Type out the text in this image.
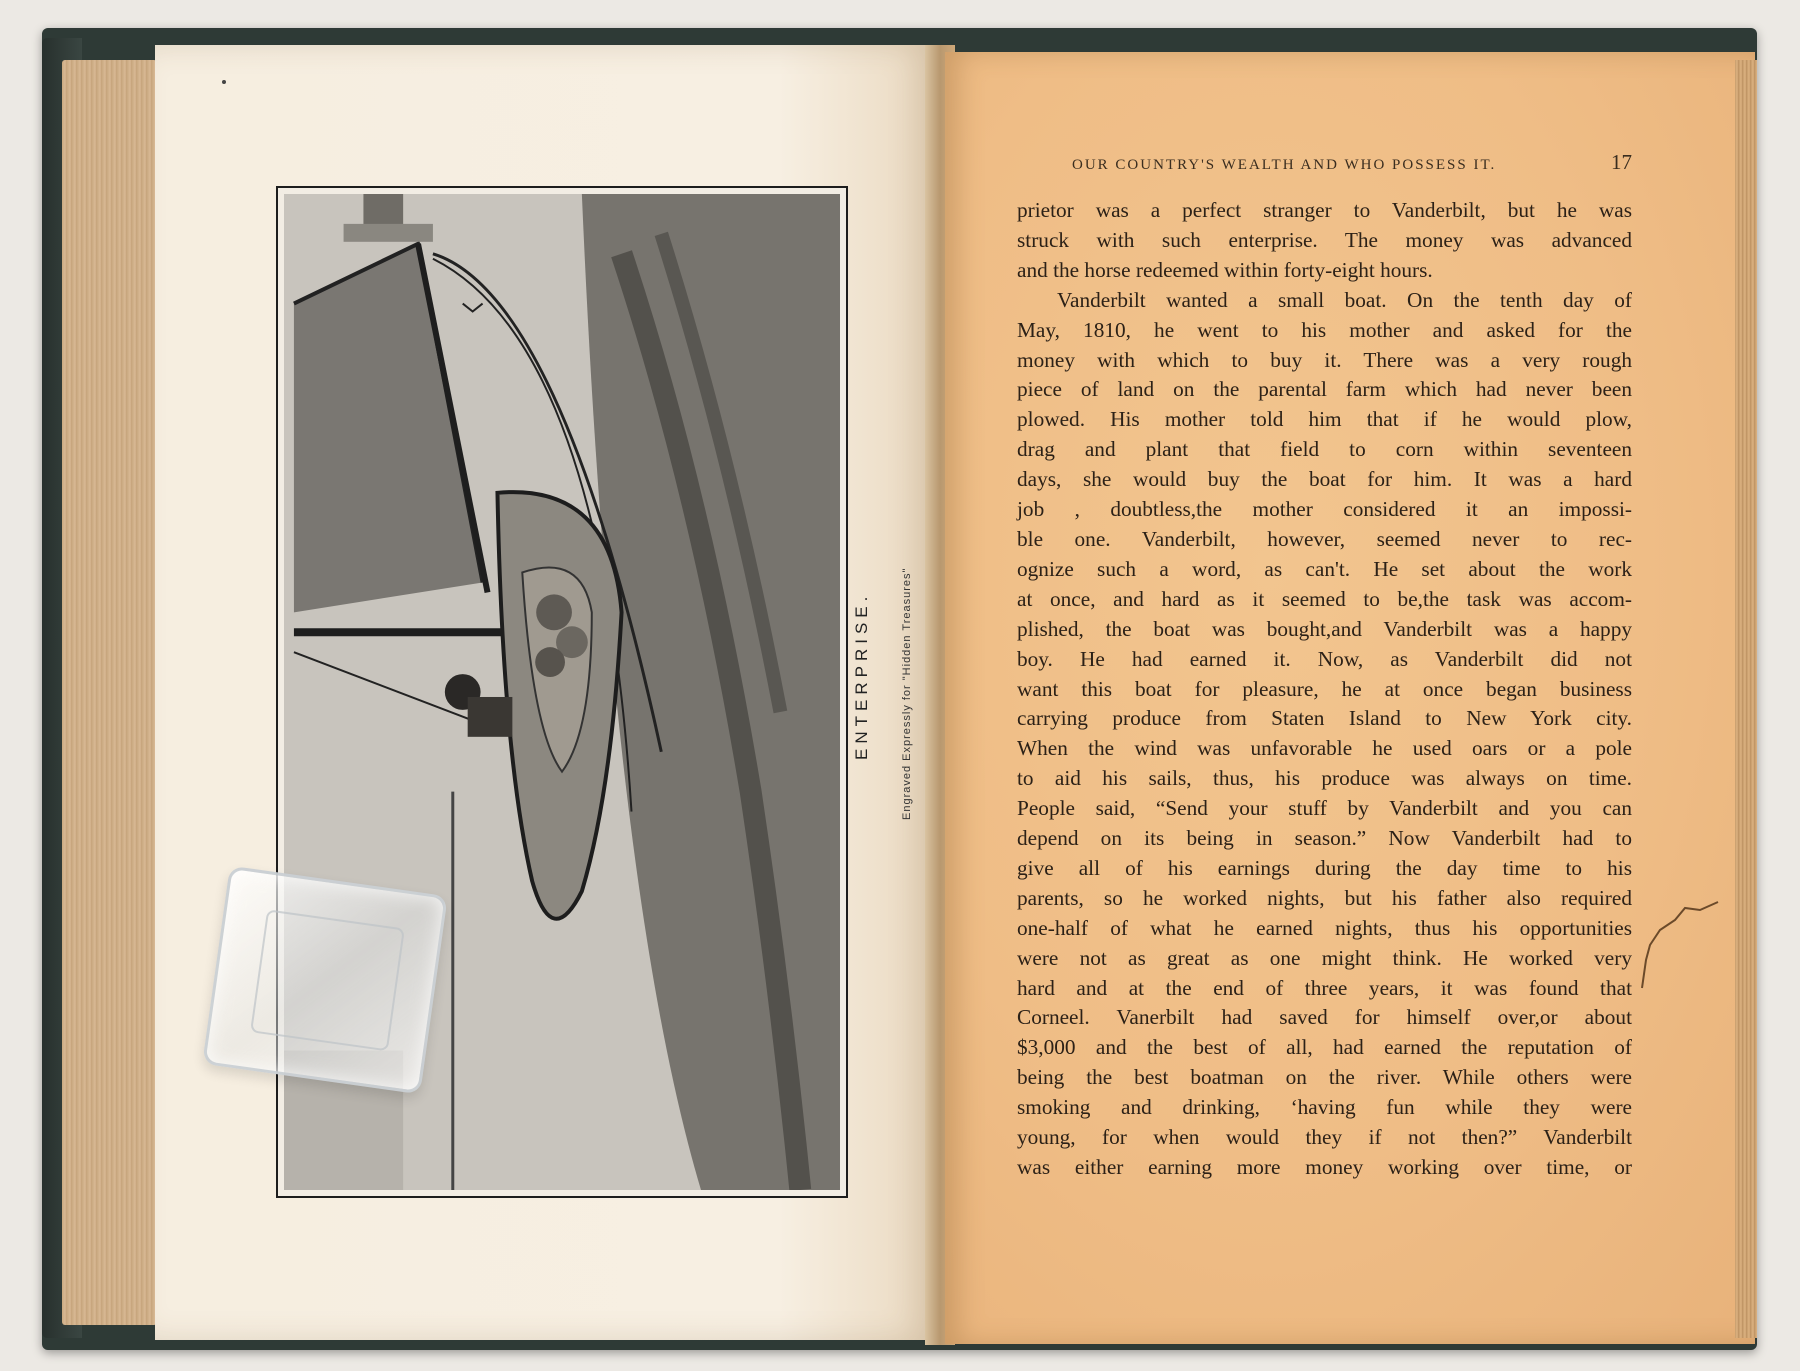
ENTERPRISE.	Engraved Expressly for "Hidden Treasures"
OUR COUNTRY'S WEALTH AND WHO POSSESS IT.	17
prietor was a perfect stranger to Vanderbilt, but he was
struck with such enterprise. The money was advanced
and the horse redeemed within forty-eight hours.
Vanderbilt wanted a small boat. On the tenth day of
May, 1810, he went to his mother and asked for the
money with which to buy it. There was a very rough
piece of land on the parental farm which had never been
plowed. His mother told him that if he would plow,
drag and plant that field to corn within seventeen
days, she would buy the boat for him. It was a hard
job , doubtless,the mother considered it an impossi-
ble one. Vanderbilt, however, seemed never to rec-
ognize such a word, as can't. He set about the work
at once, and hard as it seemed to be,the task was accom-
plished, the boat was bought,and Vanderbilt was a happy
boy. He had earned it. Now, as Vanderbilt did not
want this boat for pleasure, he at once began business
carrying produce from Staten Island to New York city.
When the wind was unfavorable he used oars or a pole
to aid his sails, thus, his produce was always on time.
People said, “Send your stuff by Vanderbilt and you can
depend on its being in season.” Now Vanderbilt had to
give all of his earnings during the day time to his
parents, so he worked nights, but his father also required
one-half of what he earned nights, thus his opportunities
were not as great as one might think. He worked very
hard and at the end of three years, it was found that
Corneel. Vanerbilt had saved for himself over,or about
$3,000 and the best of all, had earned the reputation of
being the best boatman on the river. While others were
smoking and drinking, ‘having fun while they were
young, for when would they if not then?” Vanderbilt
was either earning more money working over time, or
